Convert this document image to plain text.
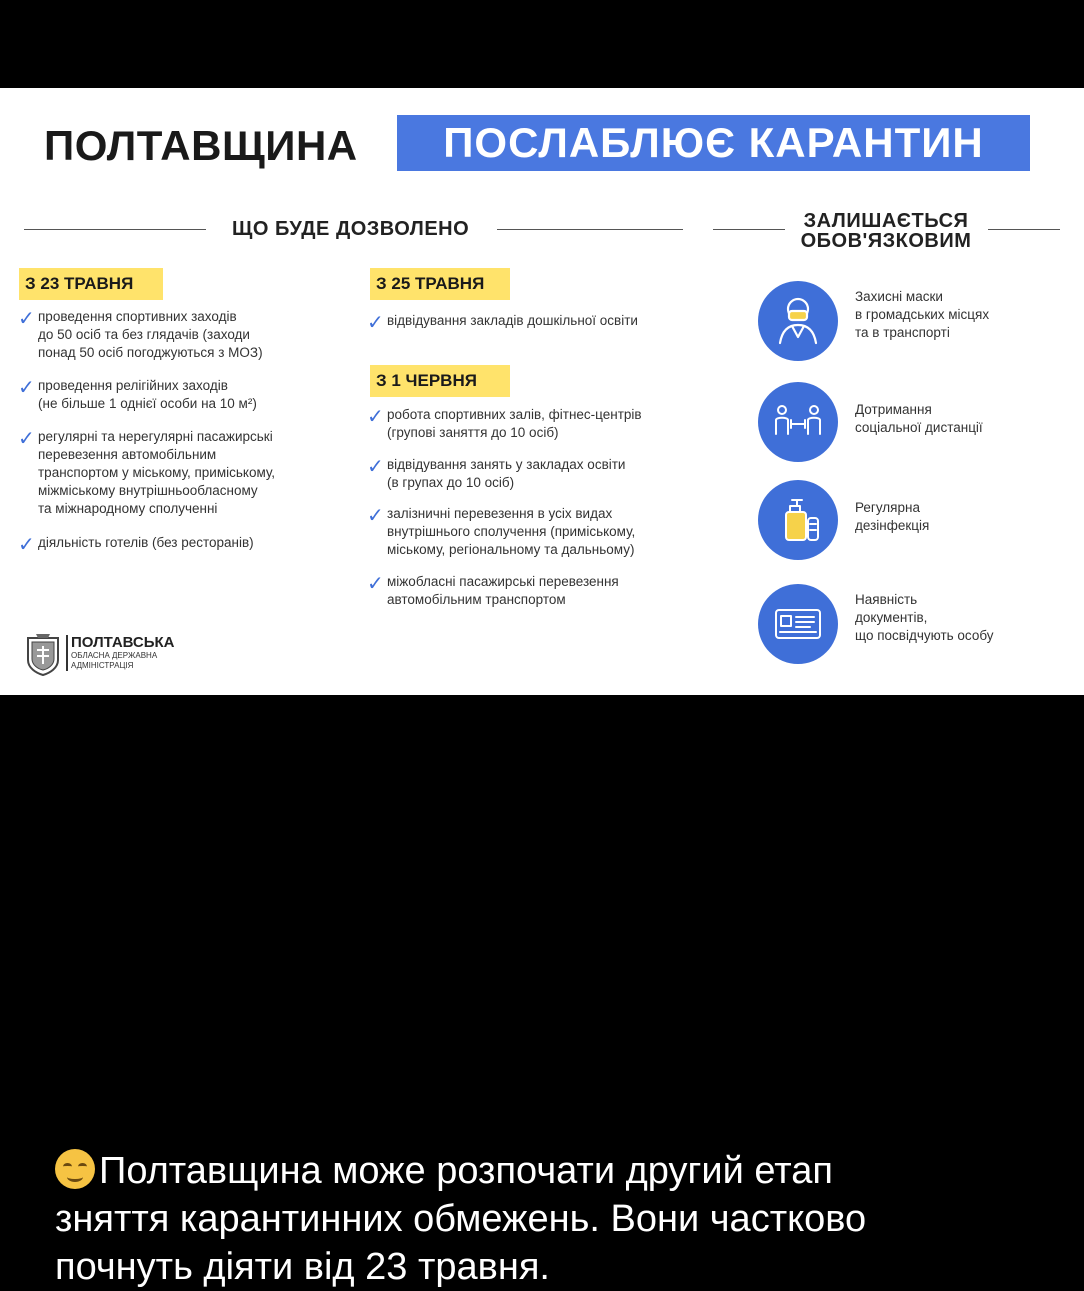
ПОЛТАВЩИНА	ПОСЛАБЛЮЄ КАРАНТИН
ЩО БУДЕ ДОЗВОЛЕНО	ЗАЛИШАЄТЬСЯ
ОБОВ'ЯЗКОВИМ
З 23 ТРАВНЯ
✓ проведення спортивних заходів
до 50 осіб та без глядачів (заходи
понад 50 осіб погоджуються з МОЗ)
✓ проведення релігійних заходів
(не більше 1 однієї особи на 10 м²)
✓ регулярні та нерегулярні пасажирські
перевезення автомобільним
транспортом у міському, приміському,
міжміському внутрішньообласному
та міжнародному сполученні
✓ діяльність готелів (без ресторанів)
З 25 ТРАВНЯ
✓ відвідування закладів дошкільної освіти
З 1 ЧЕРВНЯ
✓ робота спортивних залів, фітнес-центрів
(групові заняття до 10 осіб)
✓ відвідування занять у закладах освіти
(в групах до 10 осіб)
✓ залізничні перевезення в усіх видах
внутрішнього сполучення (приміському,
міському, регіональному та дальньому)
✓ міжобласні пасажирські перевезення
автомобільним транспортом
Захисні маски
в громадських місцях
та в транспорті
Дотримання
соціальної дистанції
Регулярна
дезінфекція
Наявність
документів,
що посвідчують особу
ПОЛТАВСЬКА
ОБЛАСНА ДЕРЖАВНА
АДМІНІСТРАЦІЯ
Полтавщина може розпочати другий етап
зняття карантинних обмежень. Вони частково
почнуть діяти від 23 травня.
